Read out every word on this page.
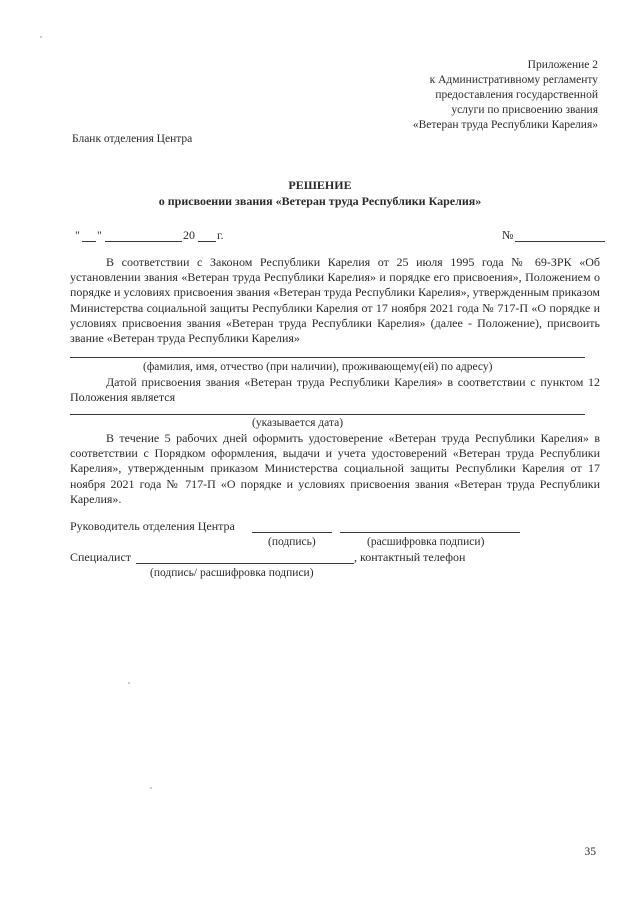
Приложение 2
к Административному регламенту
предоставления государственной
услуги по присвоению звания
«Ветеран труда Республики Карелия»
Бланк отделения Центра
РЕШЕНИЕ
о присвоении звания «Ветеран труда Республики Карелия»
" "	20 г.	№
В соответствии с Законом Республики Карелия от 25 июля 1995 года № 69-ЗРК «Об установлении звания «Ветеран труда Республики Карелия» и порядке его присвоения», Положением о порядке и условиях присвоения звания «Ветеран труда Республики Карелия», утвержденным приказом Министерства социальной защиты Республики Карелия от 17 ноября 2021 года № 717-П «О порядке и условиях присвоения звания «Ветеран труда Республики Карелия» (далее - Положение), присвоить звание «Ветеран труда Республики Карелия»
(фамилия, имя, отчество (при наличии), проживающему(ей) по адресу)
Датой присвоения звания «Ветеран труда Республики Карелия» в соответствии с пунктом 12 Положения является
(указывается дата)
В течение 5 рабочих дней оформить удостоверение «Ветеран труда Республики Карелия» в соответствии с Порядком оформления, выдачи и учета удостоверений «Ветеран труда Республики Карелия», утвержденным приказом Министерства социальной защиты Республики Карелия от 17 ноября 2021 года № 717-П «О порядке и условиях присвоения звания «Ветеран труда Республики Карелия».
Руководитель отделения Центра
(подпись)	(расшифровка подписи)
Специалист	, контактный телефон
(подпись/ расшифровка подписи)
35
